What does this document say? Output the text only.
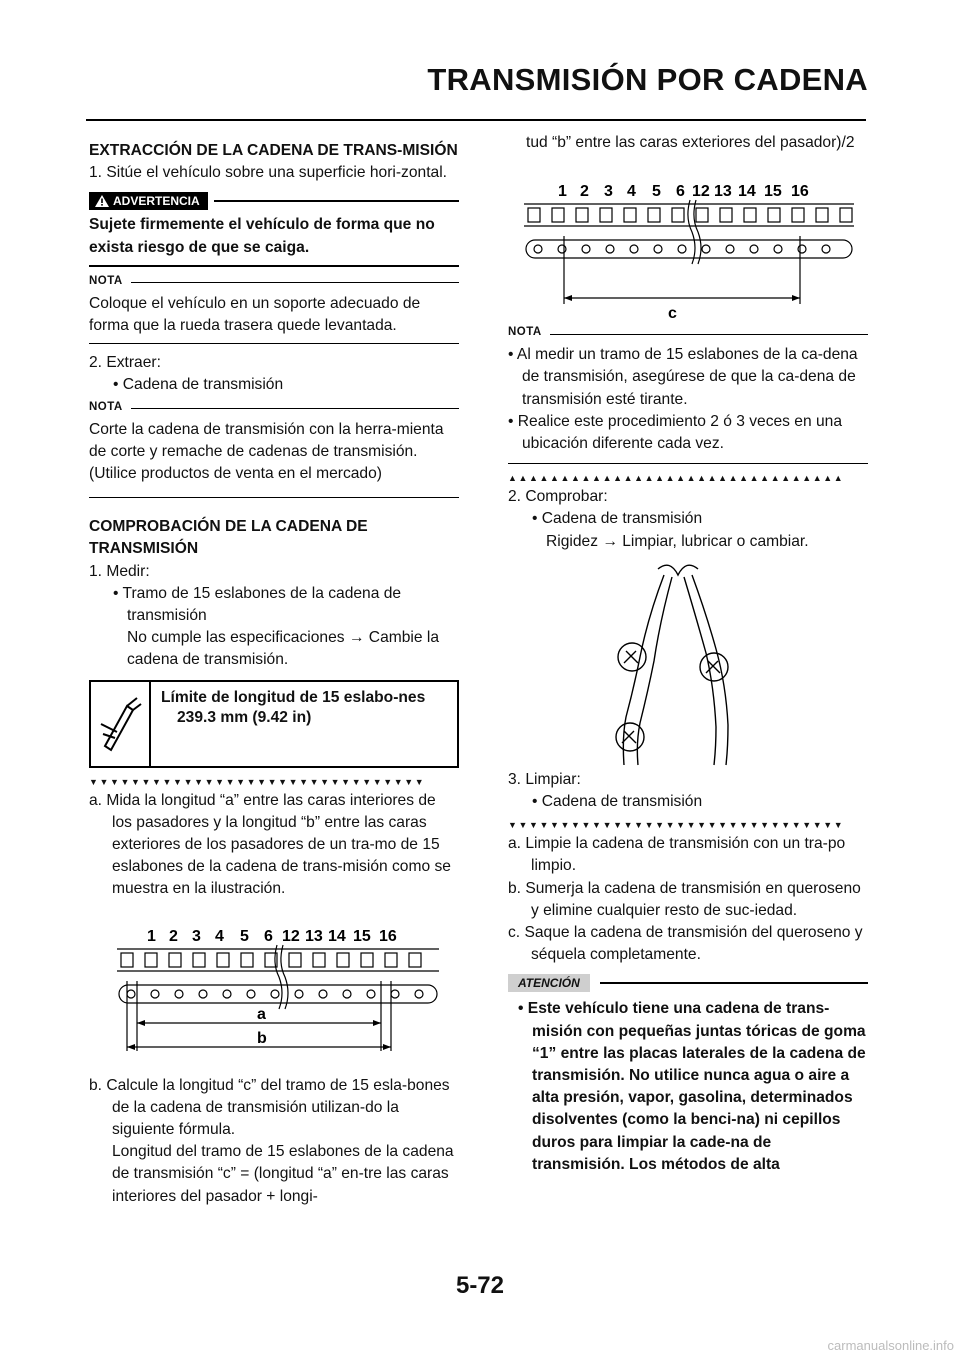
TRANSMISIÓN POR CADENA

EXTRACCIÓN DE LA CADENA DE TRANS-MISIÓN

1. Sitúe el vehículo sobre una superficie hori-zontal.

ADVERTENCIA

Sujete firmemente el vehículo de forma que no exista riesgo de que se caiga.

NOTA

Coloque el vehículo en un soporte adecuado de forma que la rueda trasera quede levantada.

2. Extraer:

• Cadena de transmisión

NOTA

Corte la cadena de transmisión con la herra-mienta de corte y remache de cadenas de transmisión. (Utilice productos de venta en el mercado)

COMPROBACIÓN DE LA CADENA DE TRANSMISIÓN

1. Medir:

• Tramo de 15 eslabones de la cadena de transmisión

No cumple las especificaciones → Cambie la cadena de transmisión.

Límite de longitud de 15 eslabo-nes
239.3 mm (9.42 in)
▼▼▼▼▼▼▼▼▼▼▼▼▼▼▼▼▼▼▼▼▼▼▼▼▼▼▼▼▼▼▼▼

a. Mida la longitud “a” entre las caras interiores de los pasadores y la longitud “b” entre las caras exteriores de los pasadores de un tra-mo de 15 eslabones de la cadena de trans-misión como se muestra en la ilustración.

1 2 3 4 5 6 12 13 14 15 16
a
b

b. Calcule la longitud “c” del tramo de 15 esla-bones de la cadena de transmisión utilizan-do la siguiente fórmula.

Longitud del tramo de 15 eslabones de la cadena de transmisión “c” = (longitud “a” en-tre las caras interiores del pasador + longi-

tud “b” entre las caras exteriores del pasador)/2

1 2 3 4 5 6 12 13 14 15 16
c
NOTA

• Al medir un tramo de 15 eslabones de la ca-dena de transmisión, asegúrese de que la ca-dena de transmisión esté tirante.

• Realice este procedimiento 2 ó 3 veces en una ubicación diferente cada vez.

▲▲▲▲▲▲▲▲▲▲▲▲▲▲▲▲▲▲▲▲▲▲▲▲▲▲▲▲▲▲▲▲

2. Comprobar:

• Cadena de transmisión

Rigidez → Limpiar, lubricar o cambiar.

3. Limpiar:

• Cadena de transmisión

▼▼▼▼▼▼▼▼▼▼▼▼▼▼▼▼▼▼▼▼▼▼▼▼▼▼▼▼▼▼▼▼

a. Limpie la cadena de transmisión con un tra-po limpio.

b. Sumerja la cadena de transmisión en queroseno y elimine cualquier resto de suc-iedad.

c. Saque la cadena de transmisión del queroseno y séquela completamente.

ATENCIÓN

• Este vehículo tiene una cadena de trans-misión con pequeñas juntas tóricas de goma “1” entre las placas laterales de la cadena de transmisión. No utilice nunca agua o aire a alta presión, vapor, gasolina, determinados disolventes (como la benci-na) ni cepillos duros para limpiar la cade-na de transmisión. Los métodos de alta

5-72
carmanualsonline.info
